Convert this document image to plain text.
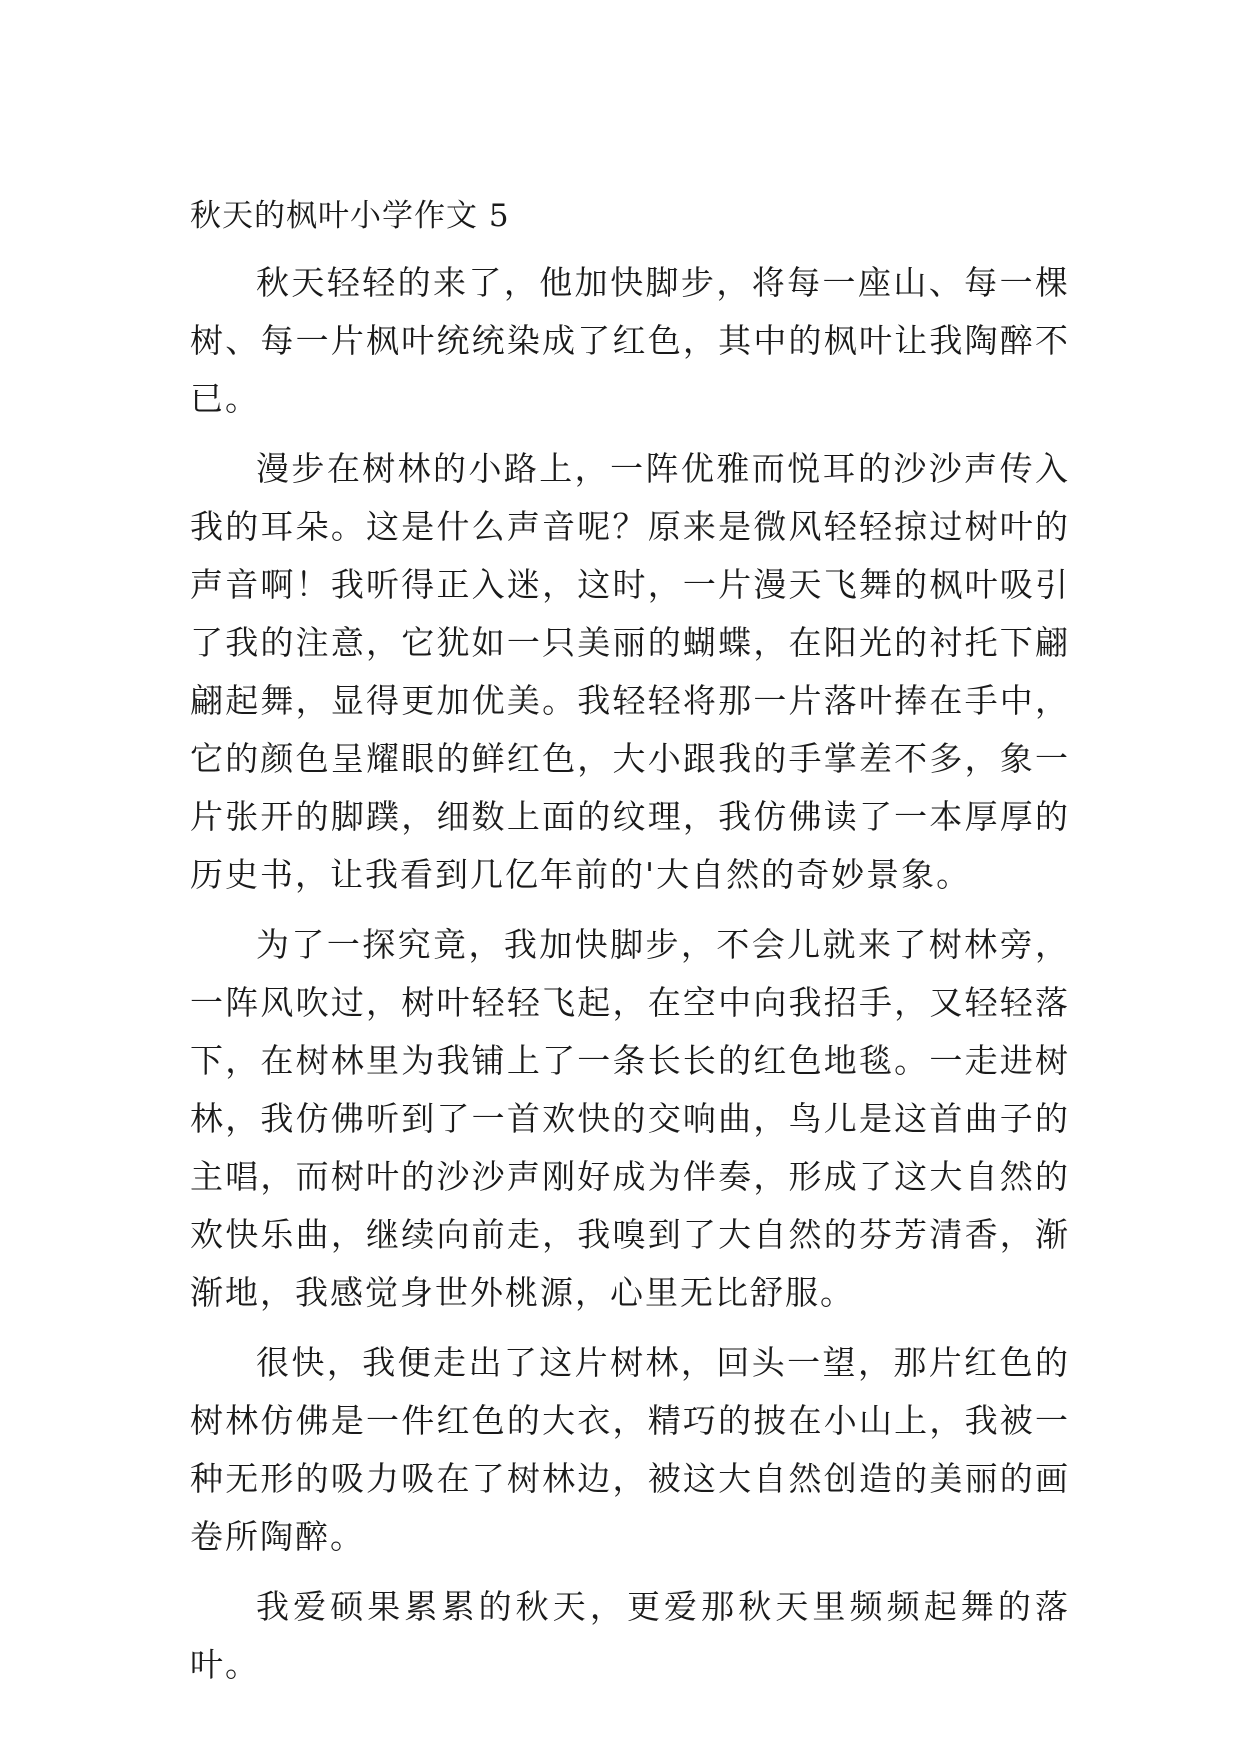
秋天的枫叶小学作文 5

秋天轻轻的来了，他加快脚步，将每一座山、每一棵树、每一片枫叶统统染成了红色，其中的枫叶让我陶醉不已。

漫步在树林的小路上，一阵优雅而悦耳的沙沙声传入我的耳朵。这是什么声音呢？原来是微风轻轻掠过树叶的声音啊！我听得正入迷，这时，一片漫天飞舞的枫叶吸引了我的注意，它犹如一只美丽的蝴蝶，在阳光的衬托下翩翩起舞，显得更加优美。我轻轻将那一片落叶捧在手中，它的颜色呈耀眼的鲜红色，大小跟我的手掌差不多，象一片张开的脚蹼，细数上面的纹理，我仿佛读了一本厚厚的历史书，让我看到几亿年前的'大自然的奇妙景象。

为了一探究竟，我加快脚步，不会儿就来了树林旁，一阵风吹过，树叶轻轻飞起，在空中向我招手，又轻轻落下，在树林里为我铺上了一条长长的红色地毯。一走进树林，我仿佛听到了一首欢快的交响曲，鸟儿是这首曲子的主唱，而树叶的沙沙声刚好成为伴奏，形成了这大自然的欢快乐曲，继续向前走，我嗅到了大自然的芬芳清香，渐渐地，我感觉身世外桃源，心里无比舒服。

很快，我便走出了这片树林，回头一望，那片红色的树林仿佛是一件红色的大衣，精巧的披在小山上，我被一种无形的吸力吸在了树林边，被这大自然创造的美丽的画卷所陶醉。

我爱硕果累累的秋天，更爱那秋天里频频起舞的落叶。
